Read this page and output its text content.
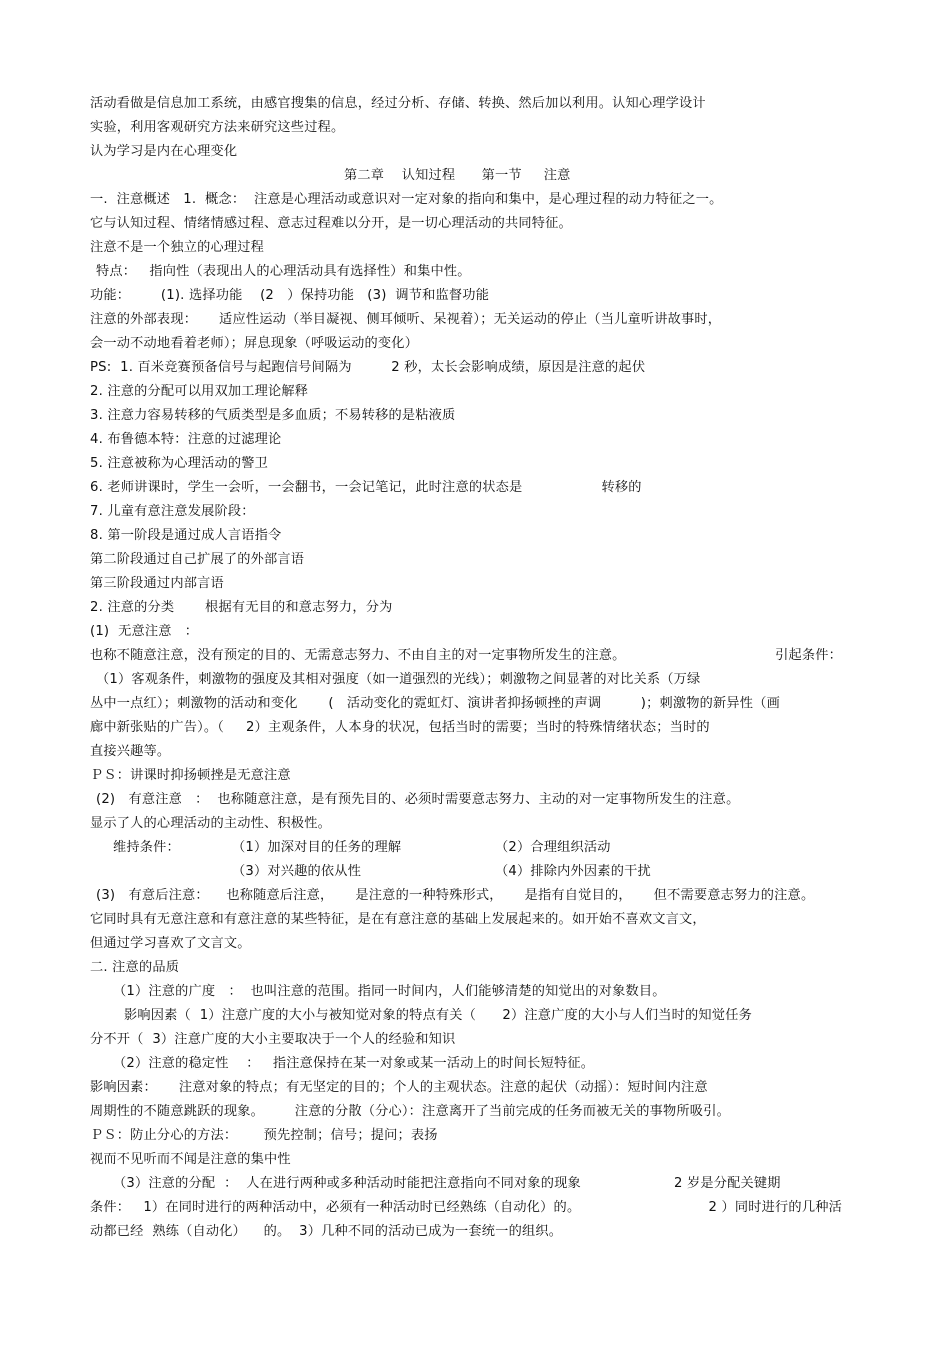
活动看做是信息加工系统，由感官搜集的信息，经过分析、存储、转换、然后加以利用。认知心理学设计
实验，利用客观研究方法来研究这些过程。
认为学习是内在心理变化
第二章    认知过程      第一节     注意
一.  注意概述   1.  概念：  注意是心理活动或意识对一定对象的指向和集中，是心理过程的动力特征之一。
它与认知过程、情绪情感过程、意志过程难以分开，是一切心理活动的共同特征。
注意不是一个独立的心理过程
特点：   指向性（表现出人的心理活动具有选择性）和集中性。
功能：       (1). 选择功能    (2   ）保持功能   (3)  调节和监督功能
注意的外部表现：     适应性运动（举目凝视、侧耳倾听、呆视着）；无关运动的停止（当儿童听讲故事时，
会一动不动地看着老师）；屏息现象（呼吸运动的变化）
PS:  1. 百米竞赛预备信号与起跑信号间隔为         2 秒，太长会影响成绩，原因是注意的起伏
2. 注意的分配可以用双加工理论解释
3. 注意力容易转移的气质类型是多血质；不易转移的是粘液质
4. 布鲁德本特：注意的过滤理论
5. 注意被称为心理活动的警卫
6. 老师讲课时，学生一会听，一会翻书，一会记笔记，此时注意的状态是                  转移的
7. 儿童有意注意发展阶段：
8. 第一阶段是通过成人言语指令
第二阶段通过自己扩展了的外部言语
第三阶段通过内部言语
2. 注意的分类       根据有无目的和意志努力，分为
(1)  无意注意   ：
也称不随意注意，没有预定的目的、无需意志努力、不由自主的对一定事物所发生的注意。	引起条件：
（1）客观条件，刺激物的强度及其相对强度（如一道强烈的光线）；刺激物之间显著的对比关系（万绿
丛中一点红）；刺激物的活动和变化       (   活动变化的霓虹灯、演讲者抑扬顿挫的声调         )；刺激物的新异性（画
廊中新张贴的广告）。（     2）主观条件，人本身的状况，包括当时的需要；当时的特殊情绪状态；当时的
直接兴趣等。
ＰＳ：讲课时抑扬顿挫是无意注意
(2)   有意注意   ：  也称随意注意，是有预先目的、必须时需要意志努力、主动的对一定事物所发生的注意。
显示了人的心理活动的主动性、积极性。
维持条件：	（1）加深对目的任务的理解	（2）合理组织活动
（3）对兴趣的依从性	（4）排除内外因素的干扰
(3)   有意后注意：    也称随意后注意，     是注意的一种特殊形式，     是指有自觉目的，     但不需要意志努力的注意。
它同时具有无意注意和有意注意的某些特征，是在有意注意的基础上发展起来的。如开始不喜欢文言文，
但通过学习喜欢了文言文。
二. 注意的品质
（1）注意的广度   ：  也叫注意的范围。指同一时间内，人们能够清楚的知觉出的对象数目。
影响因素（  1）注意广度的大小与被知觉对象的特点有关（      2）注意广度的大小与人们当时的知觉任务
分不开（  3）注意广度的大小主要取决于一个人的经验和知识
（2）注意的稳定性    ：   指注意保持在某一对象或某一活动上的时间长短特征。
影响因素：     注意对象的特点；有无坚定的目的；个人的主观状态。注意的起伏（动摇）：短时间内注意
周期性的不随意跳跃的现象。       注意的分散（分心）：注意离开了当前完成的任务而被无关的事物所吸引。
ＰＳ：防止分心的方法：      预先控制；信号；提问；表扬
视而不见听而不闻是注意的集中性
（3）注意的分配  ：  人在进行两种或多种活动时能把注意指向不同对象的现象	2 岁是分配关键期
条件：   1）在同时进行的两种活动中，必须有一种活动时已经熟练（自动化）的。	2 ）同时进行的几种活
动都已经  熟练（自动化）    的。  3）几种不同的活动已成为一套统一的组织。
